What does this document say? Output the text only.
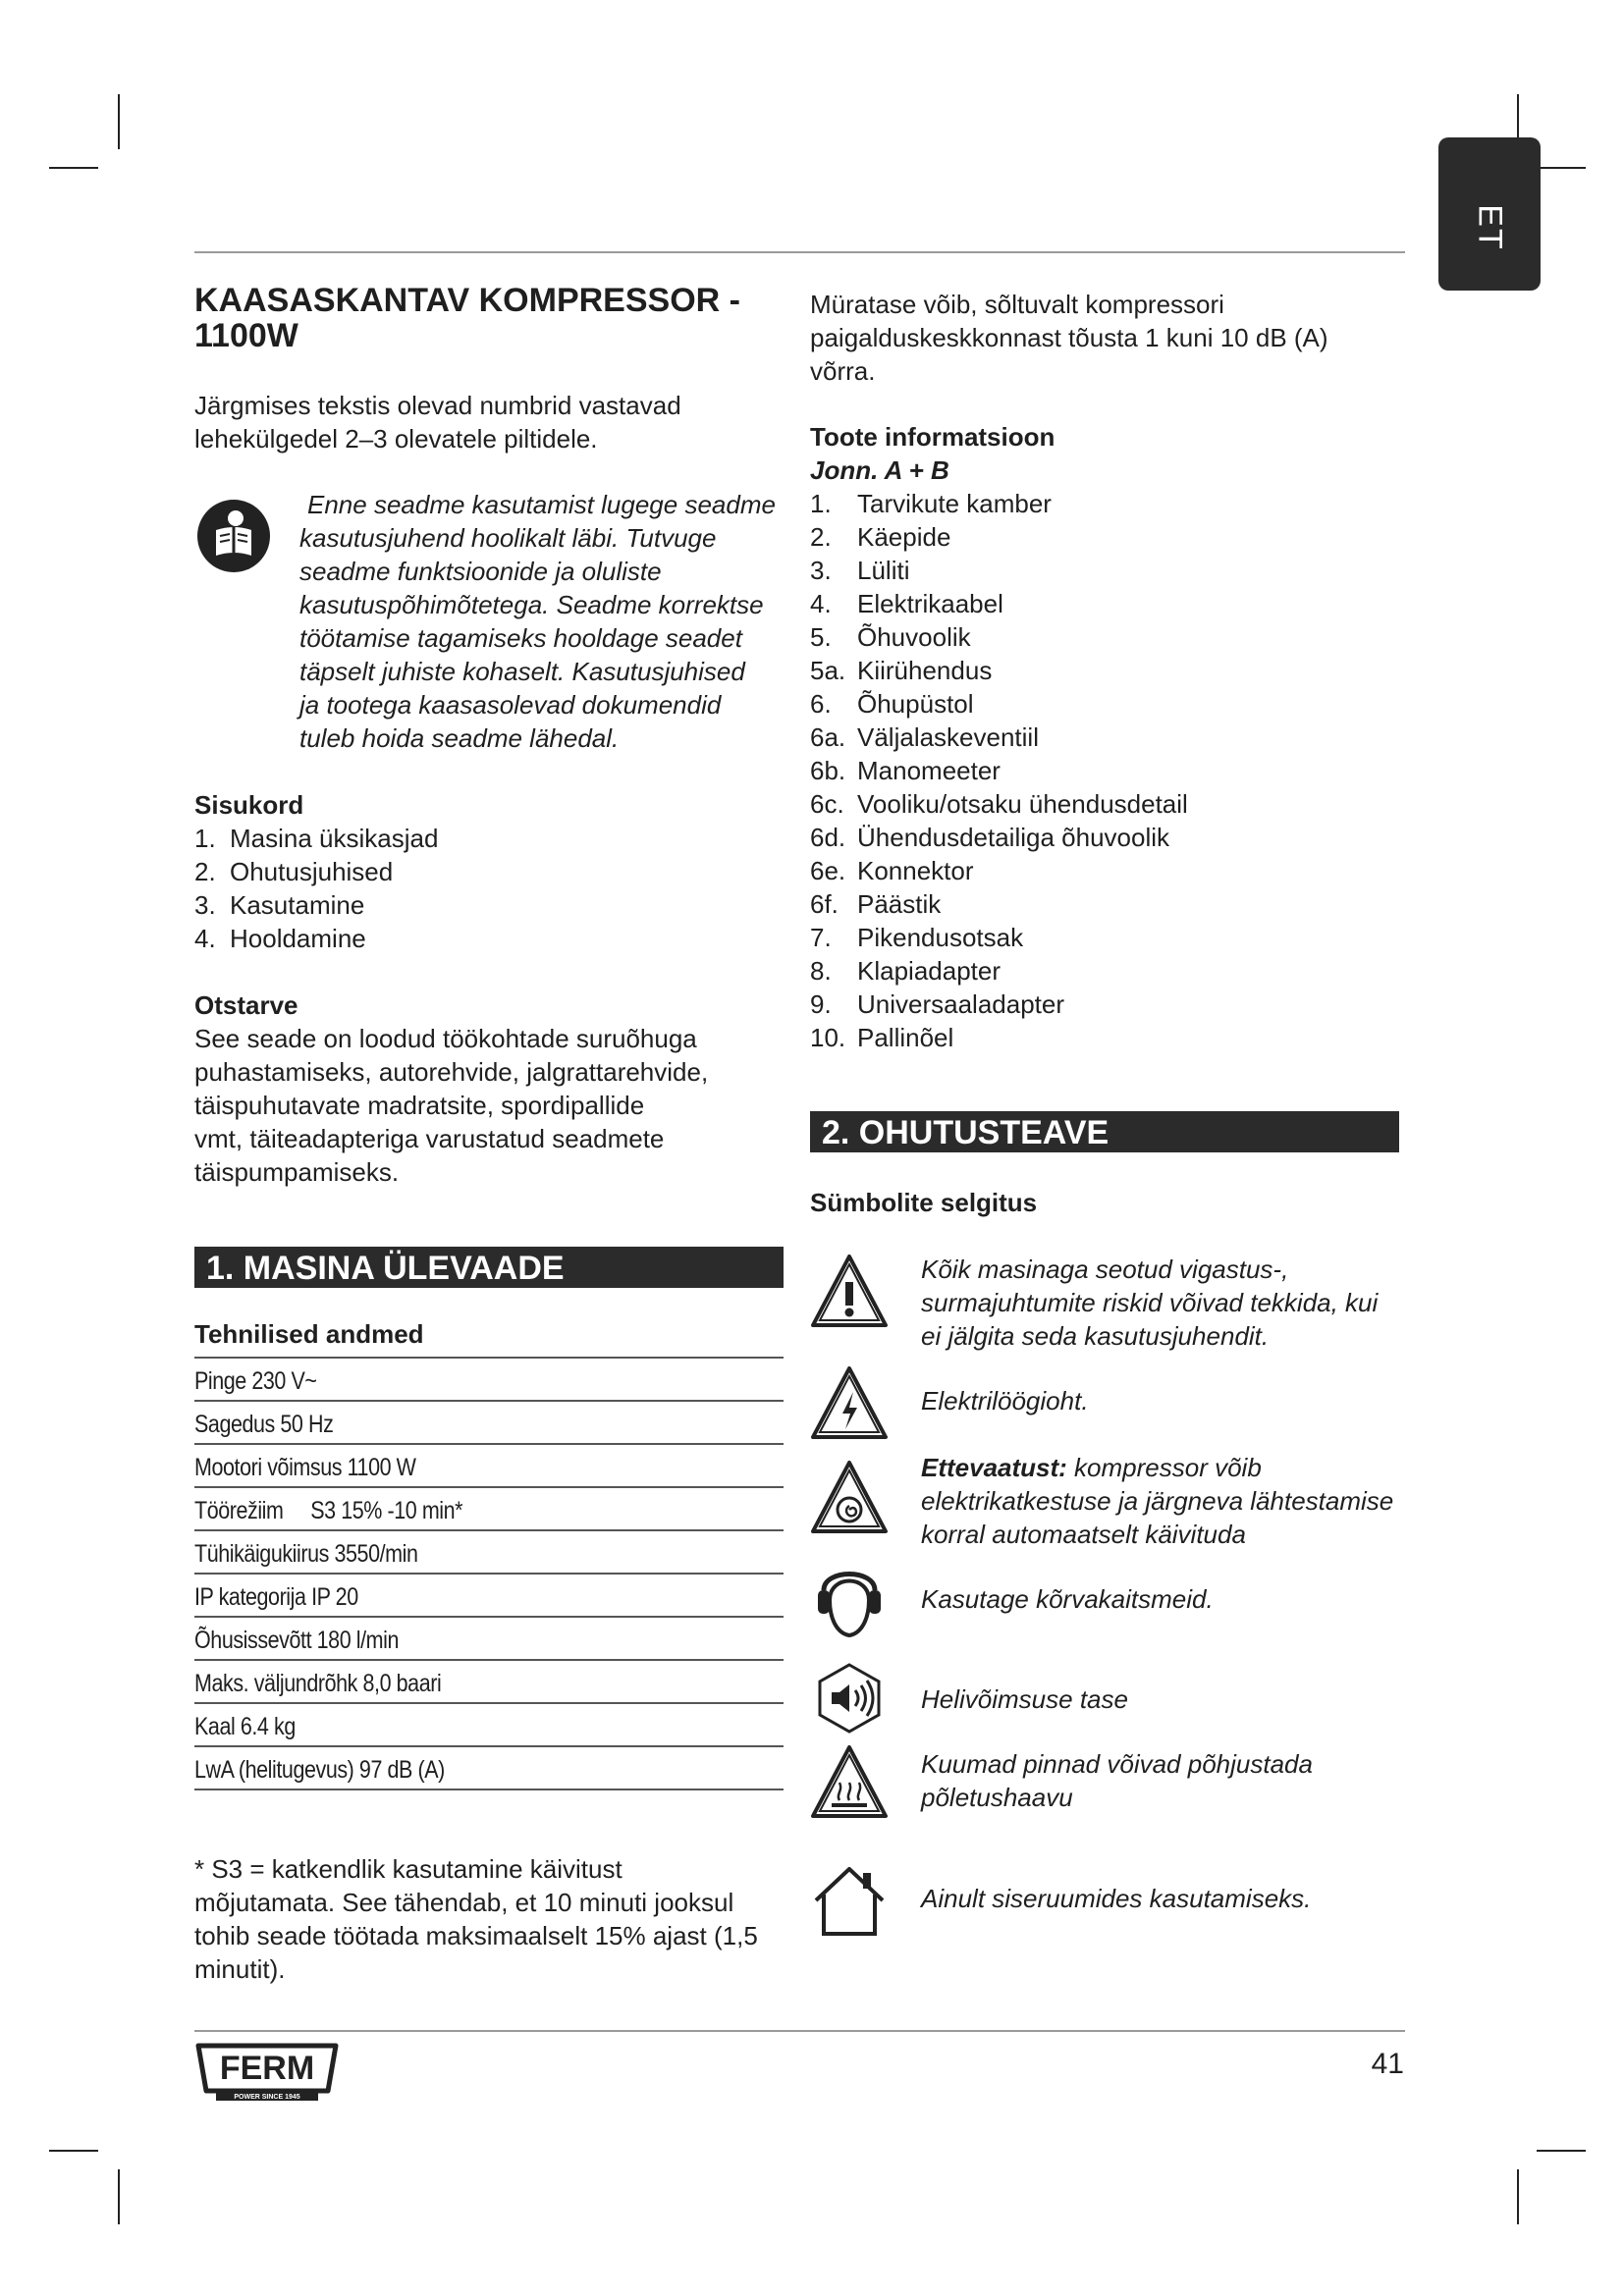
ET
KAASASKANTAV KOMPRESSOR - 1100W

Järgmises tekstis olevad numbrid vastavad lehekülgedel 2–3 olevatele piltidele.

Enne seadme kasutamist lugege seadme
kasutusjuhend hoolikalt läbi. Tutvuge
seadme funktsioonide ja oluliste
kasutuspõhimõtetega. Seadme korrektse
töötamise tagamiseks hooldage seadet
täpselt juhiste kohaselt. Kasutusjuhised
ja tootega kaasasolevad dokumendid
tuleb hoida seadme lähedal.
Sisukord
1. Masina üksikasjad
2. Ohutusjuhised
3. Kasutamine
4. Hooldamine
Otstarve
See seade on loodud töökohtade suruõhuga
puhastamiseks, autorehvide, jalgrattarehvide,
täispuhutavate madratsite, spordipallide
vmt, täiteadapteriga varustatud seadmete
täispumpamiseks.
1. MASINA ÜLEVAADE
Tehnilised andmed
Pinge 230 V~
Sagedus 50 Hz
Mootori võimsus 1100 W
Töörežiim     S3 15% -10 min*
Tühikäigukiirus 3550/min
IP kategorija IP 20
Õhusissevõtt 180 l/min
Maks. väljundrõhk 8,0 baari
Kaal 6.4 kg
LwA (helitugevus) 97 dB (A)
* S3 = katkendlik kasutamine käivitust
mõjutamata. See tähendab, et 10 minuti jooksul
tohib seade töötada maksimaalselt 15% ajast (1,5
minutit).
Müratase võib, sõltuvalt kompressori
paigalduskeskkonnast tõusta 1 kuni 10 dB (A)
võrra.
Toote informatsioon
Jonn. A + B
1.	Tarvikute kamber
2.	Käepide
3.	Lüliti
4.	Elektrikaabel
5.	Õhuvoolik
5a. Kiirühendus
6.	Õhupüstol
6a. Väljalaskeventiil
6b. Manomeeter
6c. Vooliku/otsaku ühendusdetail
6d. Ühendusdetailiga õhuvoolik
6e. Konnektor
6f. Päästik
7.	Pikendusotsak
8.	Klapiadapter
9.	Universaaladapter
10. Pallinõel
2. OHUTUSTEAVE
Sümbolite selgitus
Kõik masinaga seotud vigastus-,
surmajuhtumite riskid võivad tekkida, kui
ei jälgita seda kasutusjuhendit.
Elektrilöögioht.
Ettevaatust: kompressor võib
elektrikatkestuse ja järgneva lähtestamise
korral automaatselt käivituda
Kasutage kõrvakaitsmeid.
Helivõimsuse tase
Kuumad pinnad võivad põhjustada
põletushaavu
Ainult siseruumides kasutamiseks.
FERM
POWER SINCE 1945
41
